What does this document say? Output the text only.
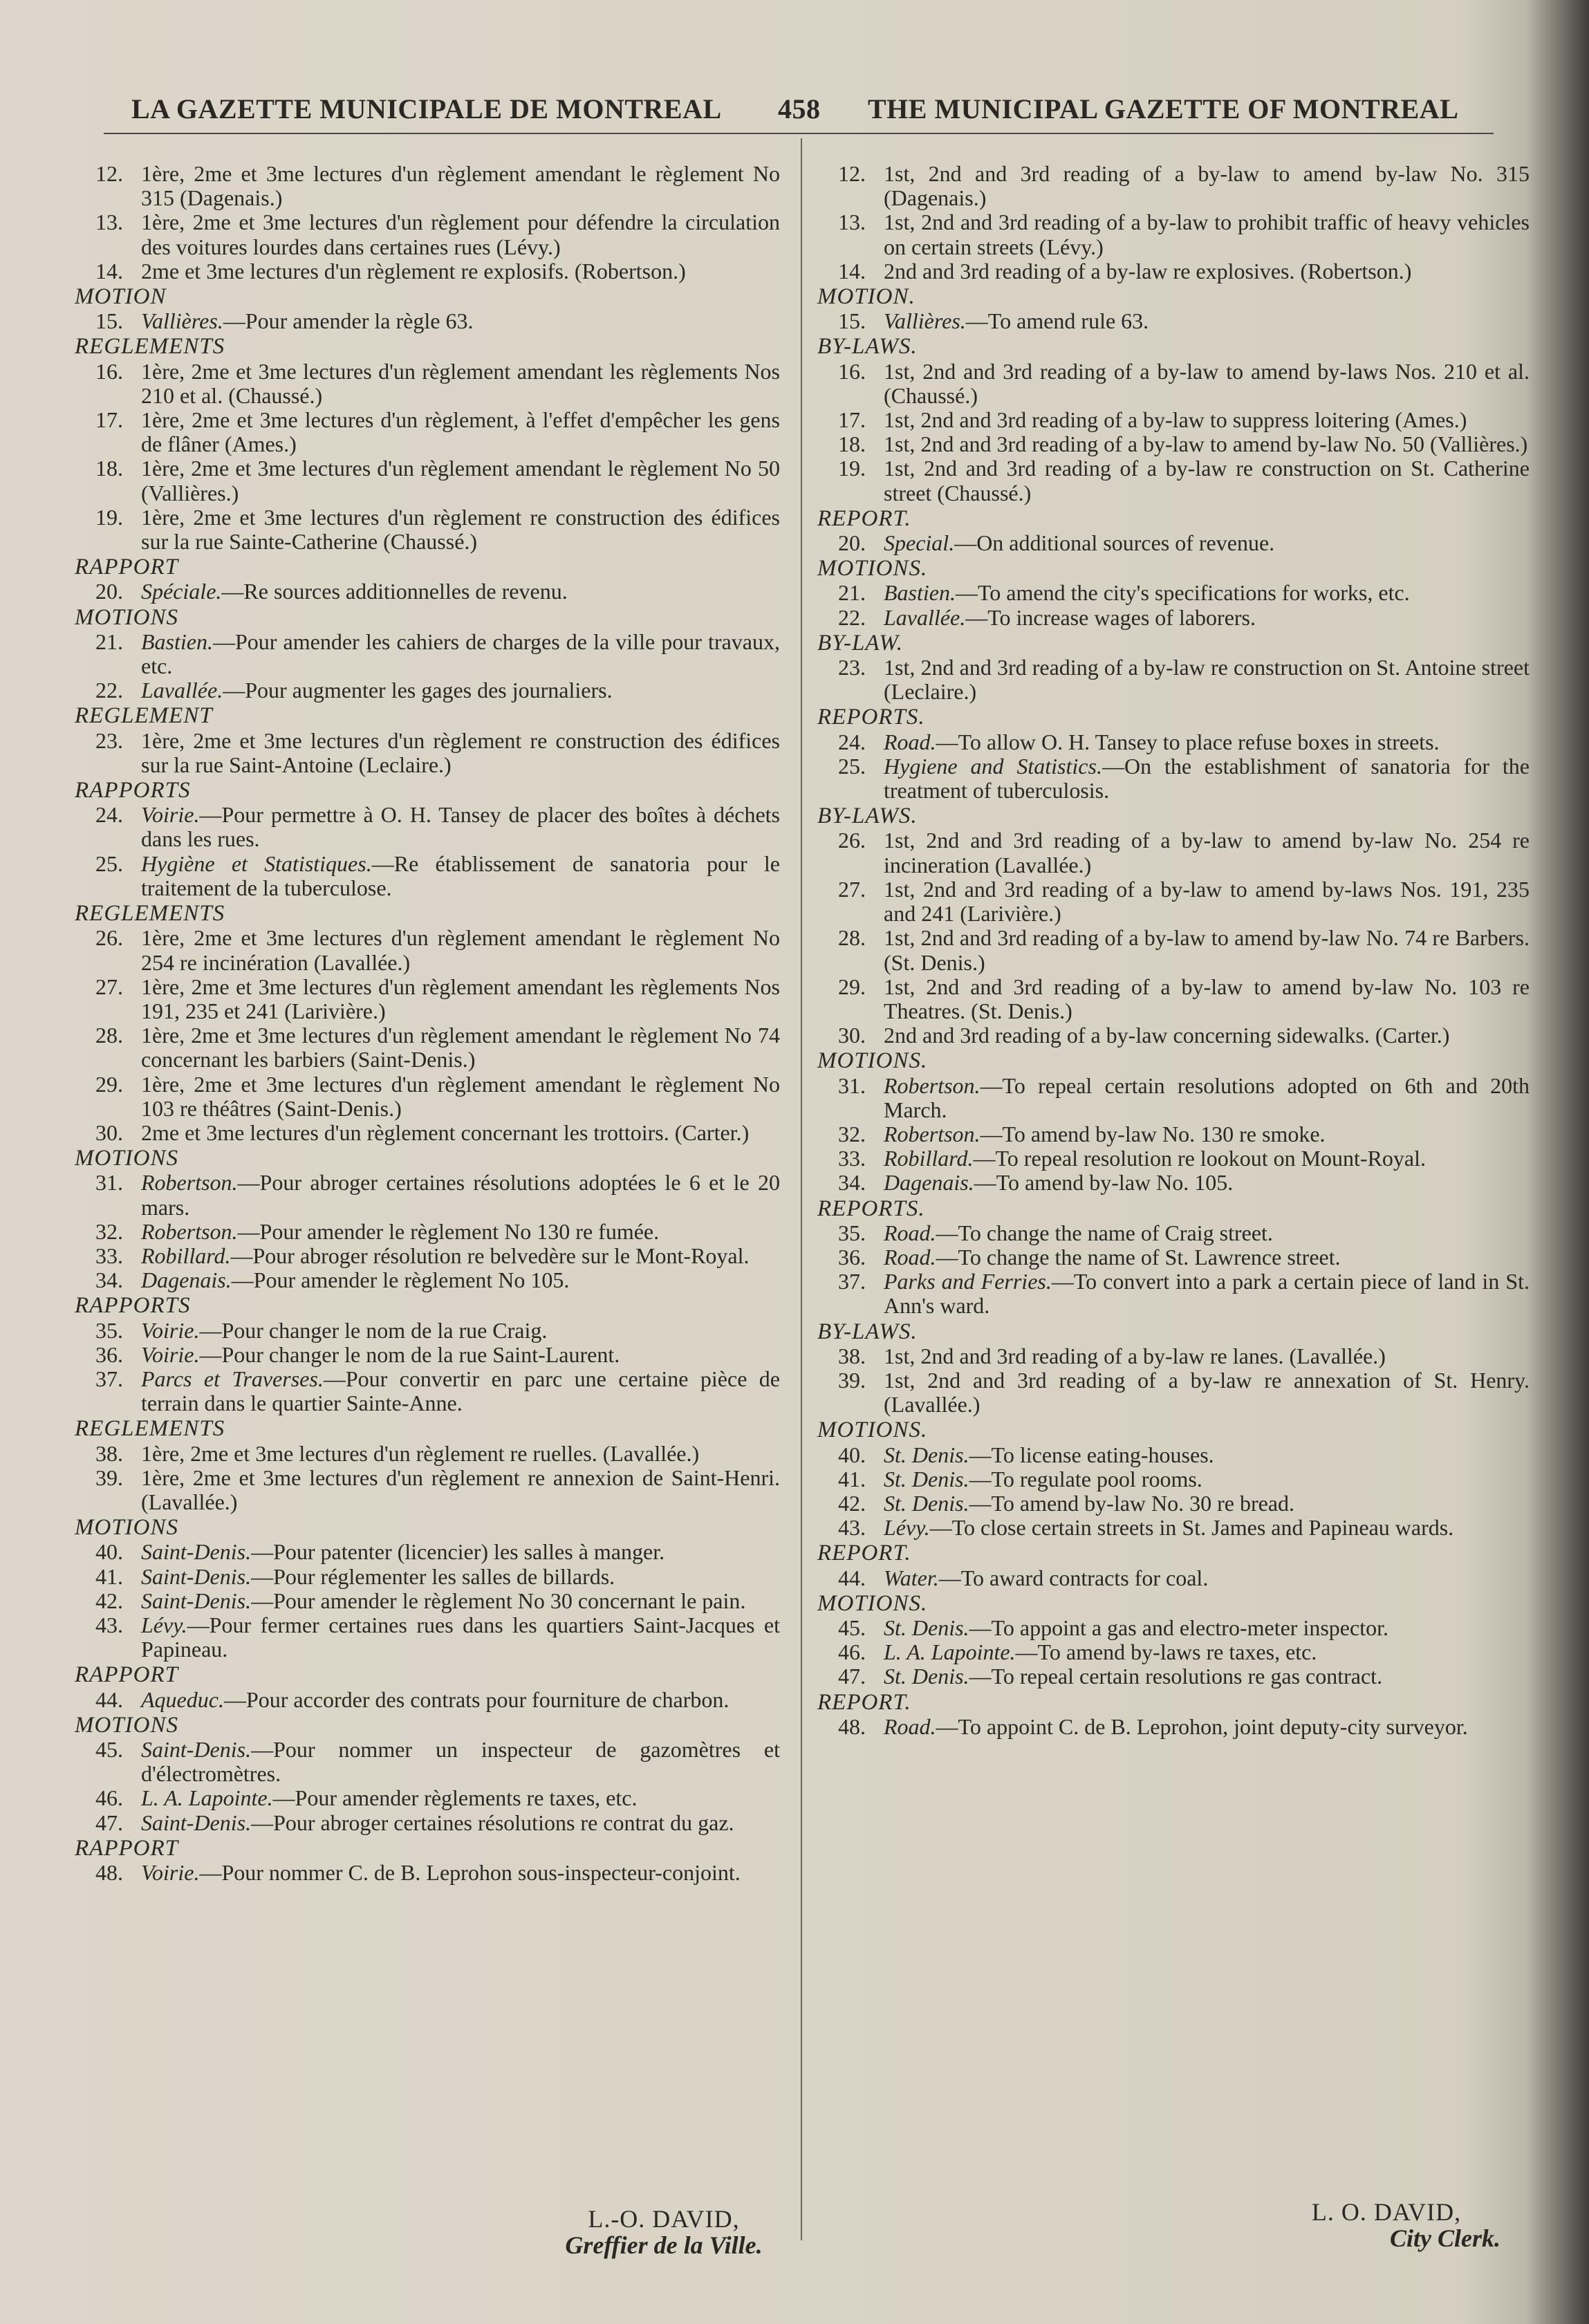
LA GAZETTE MUNICIPALE DE MONTREAL 458 THE MUNICIPAL GAZETTE OF MONTREAL
12. 1ère, 2me et 3me lectures d'un règlement amendant le règlement No 315 (Dagenais.)
13. 1ère, 2me et 3me lectures d'un règlement pour défendre la circulation des voitures lourdes dans certaines rues (Lévy.)
14. 2me et 3me lectures d'un règlement re explosifs. (Robertson.)
MOTION
15. Vallières.—Pour amender la règle 63.
REGLEMENTS
16. 1ère, 2me et 3me lectures d'un règlement amendant les règlements Nos 210 et al. (Chaussé.)
17. 1ère, 2me et 3me lectures d'un règlement, à l'effet d'empêcher les gens de flâner (Ames.)
18. 1ère, 2me et 3me lectures d'un règlement amendant le règlement No 50 (Vallières.)
19. 1ère, 2me et 3me lectures d'un règlement re construction des édifices sur la rue Sainte-Catherine (Chaussé.)
RAPPORT
20. Spéciale.—Re sources additionnelles de revenu.
MOTIONS
21. Bastien.—Pour amender les cahiers de charges de la ville pour travaux, etc.
22. Lavallée.—Pour augmenter les gages des journaliers.
REGLEMENT
23. 1ère, 2me et 3me lectures d'un règlement re construction des édifices sur la rue Saint-Antoine (Leclaire.)
RAPPORTS
24. Voirie.—Pour permettre à O. H. Tansey de placer des boîtes à déchets dans les rues.
25. Hygiène et Statistiques.—Re établissement de sanatoria pour le traitement de la tuberculose.
REGLEMENTS
26. 1ère, 2me et 3me lectures d'un règlement amendant le règlement No 254 re incinération (Lavallée.)
27. 1ère, 2me et 3me lectures d'un règlement amendant les règlements Nos 191, 235 et 241 (Larivière.)
28. 1ère, 2me et 3me lectures d'un règlement amendant le règlement No 74 concernant les barbiers (Saint-Denis.)
29. 1ère, 2me et 3me lectures d'un règlement amendant le règlement No 103 re théâtres (Saint-Denis.)
30. 2me et 3me lectures d'un règlement concernant les trottoirs. (Carter.)
MOTIONS
31. Robertson.—Pour abroger certaines résolutions adoptées le 6 et le 20 mars.
32. Robertson.—Pour amender le règlement No 130 re fumée.
33. Robillard.—Pour abroger résolution re belvedère sur le Mont-Royal.
34. Dagenais.—Pour amender le règlement No 105.
RAPPORTS
35. Voirie.—Pour changer le nom de la rue Craig.
36. Voirie.—Pour changer le nom de la rue Saint-Laurent.
37. Parcs et Traverses.—Pour convertir en parc une certaine pièce de terrain dans le quartier Sainte-Anne.
REGLEMENTS
38. 1ère, 2me et 3me lectures d'un règlement re ruelles. (Lavallée.)
39. 1ère, 2me et 3me lectures d'un règlement re annexion de Saint-Henri. (Lavallée.)
MOTIONS
40. Saint-Denis.—Pour patenter (licencier) les salles à manger.
41. Saint-Denis.—Pour réglementer les salles de billards.
42. Saint-Denis.—Pour amender le règlement No 30 concernant le pain.
43. Lévy.—Pour fermer certaines rues dans les quartiers Saint-Jacques et Papineau.
RAPPORT
44. Aqueduc.—Pour accorder des contrats pour fourniture de charbon.
MOTIONS
45. Saint-Denis.—Pour nommer un inspecteur de gazomètres et d'électromètres.
46. L. A. Lapointe.—Pour amender règlements re taxes, etc.
47. Saint-Denis.—Pour abroger certaines résolutions re contrat du gaz.
RAPPORT
48. Voirie.—Pour nommer C. de B. Leprohon sous-inspecteur-conjoint.
12. 1st, 2nd and 3rd reading of a by-law to amend by-law No. 315 (Dagenais.)
13. 1st, 2nd and 3rd reading of a by-law to prohibit traffic of heavy vehicles on certain streets (Lévy.)
14. 2nd and 3rd reading of a by-law re explosives. (Robertson.)
MOTION.
15. Vallières.—To amend rule 63.
BY-LAWS.
16. 1st, 2nd and 3rd reading of a by-law to amend by-laws Nos. 210 et al. (Chaussé.)
17. 1st, 2nd and 3rd reading of a by-law to suppress loitering (Ames.)
18. 1st, 2nd and 3rd reading of a by-law to amend by-law No. 50 (Vallières.)
19. 1st, 2nd and 3rd reading of a by-law re construction on St. Catherine street (Chaussé.)
REPORT.
20. Special.—On additional sources of revenue.
MOTIONS.
21. Bastien.—To amend the city's specifications for works, etc.
22. Lavallée.—To increase wages of laborers.
BY-LAW.
23. 1st, 2nd and 3rd reading of a by-law re construction on St. Antoine street (Leclaire.)
REPORTS.
24. Road.—To allow O. H. Tansey to place refuse boxes in streets.
25. Hygiene and Statistics.—On the establishment of sanatoria for the treatment of tuberculosis.
BY-LAWS.
26. 1st, 2nd and 3rd reading of a by-law to amend by-law No. 254 re incineration (Lavallée.)
27. 1st, 2nd and 3rd reading of a by-law to amend by-laws Nos. 191, 235 and 241 (Larivière.)
28. 1st, 2nd and 3rd reading of a by-law to amend by-law No. 74 re Barbers. (St. Denis.)
29. 1st, 2nd and 3rd reading of a by-law to amend by-law No. 103 re Theatres. (St. Denis.)
30. 2nd and 3rd reading of a by-law concerning sidewalks. (Carter.)
MOTIONS.
31. Robertson.—To repeal certain resolutions adopted on 6th and 20th March.
32. Robertson.—To amend by-law No. 130 re smoke.
33. Robillard.—To repeal resolution re lookout on Mount-Royal.
34. Dagenais.—To amend by-law No. 105.
REPORTS.
35. Road.—To change the name of Craig street.
36. Road.—To change the name of St. Lawrence street.
37. Parks and Ferries.—To convert into a park a certain piece of land in St. Ann's ward.
BY-LAWS.
38. 1st, 2nd and 3rd reading of a by-law re lanes. (Lavallée.)
39. 1st, 2nd and 3rd reading of a by-law re annexation of St. Henry. (Lavallée.)
MOTIONS.
40. St. Denis.—To license eating-houses.
41. St. Denis.—To regulate pool rooms.
42. St. Denis.—To amend by-law No. 30 re bread.
43. Lévy.—To close certain streets in St. James and Papineau wards.
REPORT.
44. Water.—To award contracts for coal.
MOTIONS.
45. St. Denis.—To appoint a gas and electro-meter inspector.
46. L. A. Lapointe.—To amend by-laws re taxes, etc.
47. St. Denis.—To repeal certain resolutions re gas contract.
REPORT.
48. Road.—To appoint C. de B. Leprohon, joint deputy-city surveyor.
L.-O. DAVID,
Greffier de la Ville.
L. O. DAVID,
City Clerk.
